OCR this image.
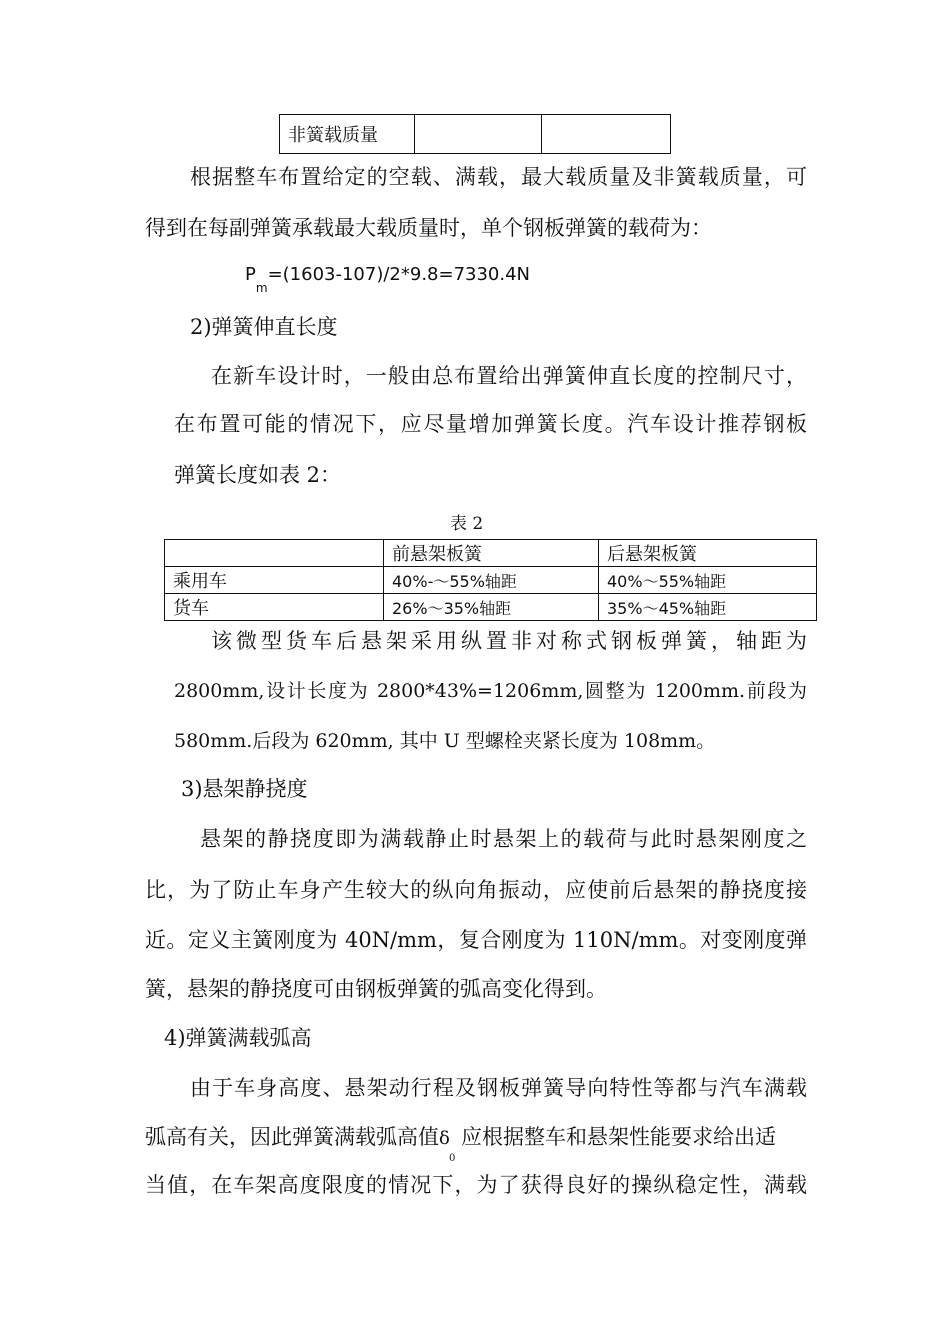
非簧载质量		
根据整车布置给定的空载、满载，最大载质量及非簧载质量，可
得到在每副弹簧承载最大载质量时，单个钢板弹簧的载荷为：
$P_m=(1603-107)/2*9.8=7330.4N$
2)弹簧伸直长度
在新车设计时，一般由总布置给出弹簧伸直长度的控制尺寸，
在布置可能的情况下，应尽量增加弹簧长度。汽车设计推荐钢板
弹簧长度如表 2：
表 2
	前悬架板簧	后悬架板簧
乘用车	40%-～55%轴距	40%～55%轴距
货车	26%～35%轴距	35%～45%轴距
该微型货车后悬架采用纵置非对称式钢板弹簧，轴距为
2800mm,设计长度为 2800*43%=1206mm,圆整为 1200mm.前段为
580mm.后段为 620mm, 其中 U 型螺栓夹紧长度为 108mm。
3)悬架静挠度
悬架的静挠度即为满载静止时悬架上的载荷与此时悬架刚度之
比，为了防止车身产生较大的纵向角振动，应使前后悬架的静挠度接
近。定义主簧刚度为 40N/mm，复合刚度为 110N/mm。对变刚度弹
簧，悬架的静挠度可由钢板弹簧的弧高变化得到。
4)弹簧满载弧高
由于车身高度、悬架动行程及钢板弹簧导向特性等都与汽车满载
弧高有关，因此弹簧满载弧高值δ
0
应根据整车和悬架性能要求给出适
当值，在车架高度限度的情况下，为了获得良好的操纵稳定性，满载
